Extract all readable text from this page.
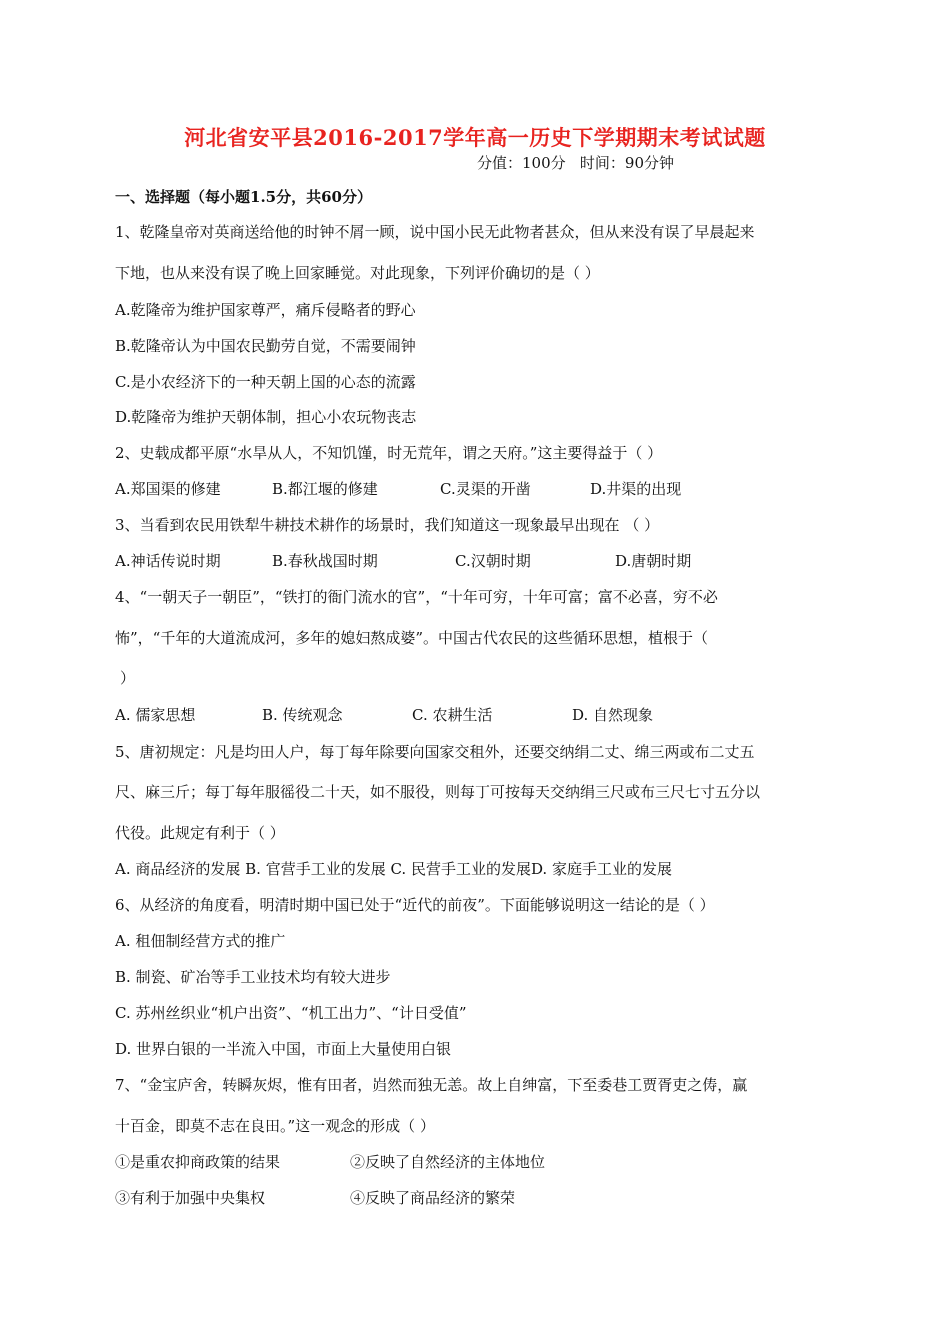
河北省安平县2016-2017学年高一历史下学期期末考试试题
分值：100分   时间：90分钟
一、选择题（每小题1.5分，共60分）
1、乾隆皇帝对英商送给他的时钟不屑一顾，说中国小民无此物者甚众，但从来没有误了早晨起来
下地，也从来没有误了晚上回家睡觉。对此现象，下列评价确切的是（ ）
A.乾隆帝为维护国家尊严，痛斥侵略者的野心
B.乾隆帝认为中国农民勤劳自觉，不需要闹钟
C.是小农经济下的一种天朝上国的心态的流露
D.乾隆帝为维护天朝体制，担心小农玩物丧志
2、史载成都平原“水旱从人，不知饥馑，时无荒年，谓之天府。”这主要得益于（ ）
A.郑国渠的修建	B.都江堰的修建	C.灵渠的开凿	D.井渠的出现
3、当看到农民用铁犁牛耕技术耕作的场景时，我们知道这一现象最早出现在 （ ）
A.神话传说时期	B.春秋战国时期	C.汉朝时期	D.唐朝时期
4、“一朝天子一朝臣”，“铁打的衙门流水的官”，“十年可穷，十年可富；富不必喜，穷不必
怖”，“千年的大道流成河，多年的媳妇熬成婆”。中国古代农民的这些循环思想，植根于（
）
A. 儒家思想	B. 传统观念	C. 农耕生活	D. 自然现象
5、唐初规定：凡是均田人户，每丁每年除要向国家交租外，还要交纳绢二丈、绵三两或布二丈五
尺、麻三斤；每丁每年服徭役二十天，如不服役，则每丁可按每天交纳绢三尺或布三尺七寸五分以
代役。此规定有利于（ ）
A. 商品经济的发展 B. 官营手工业的发展 C. 民营手工业的发展D. 家庭手工业的发展
6、从经济的角度看，明清时期中国已处于“近代的前夜”。下面能够说明这一结论的是（ ）
A. 租佃制经营方式的推广
B. 制瓷、矿冶等手工业技术均有较大进步
C. 苏州丝织业“机户出资”、“机工出力”、“计日受值”
D. 世界白银的一半流入中国，市面上大量使用白银
7、“金宝庐舍，转瞬灰烬，惟有田者，岿然而独无恙。故上自绅富，下至委巷工贾胥吏之俦，赢
十百金，即莫不志在良田。”这一观念的形成（ ）
①是重农抑商政策的结果	②反映了自然经济的主体地位
③有利于加强中央集权	④反映了商品经济的繁荣
